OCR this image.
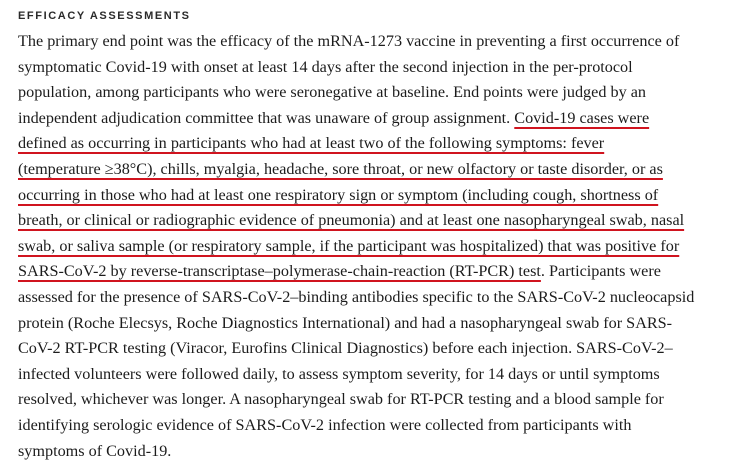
EFFICACY ASSESSMENTS

The primary end point was the efficacy of the mRNA-1273 vaccine in preventing a first occurrence of
symptomatic Covid-19 with onset at least 14 days after the second injection in the per-protocol
population, among participants who were seronegative at baseline. End points were judged by an
independent adjudication committee that was unaware of group assignment. Covid-19 cases were
defined as occurring in participants who had at least two of the following symptoms: fever
(temperature ≥38°C), chills, myalgia, headache, sore throat, or new olfactory or taste disorder, or as
occurring in those who had at least one respiratory sign or symptom (including cough, shortness of
breath, or clinical or radiographic evidence of pneumonia) and at least one nasopharyngeal swab, nasal
swab, or saliva sample (or respiratory sample, if the participant was hospitalized) that was positive for
SARS-CoV-2 by reverse-transcriptase–polymerase-chain-reaction (RT-PCR) test. Participants were
assessed for the presence of SARS-CoV-2–binding antibodies specific to the SARS-CoV-2 nucleocapsid
protein (Roche Elecsys, Roche Diagnostics International) and had a nasopharyngeal swab for SARS-
CoV-2 RT-PCR testing (Viracor, Eurofins Clinical Diagnostics) before each injection. SARS-CoV-2–
infected volunteers were followed daily, to assess symptom severity, for 14 days or until symptoms
resolved, whichever was longer. A nasopharyngeal swab for RT-PCR testing and a blood sample for
identifying serologic evidence of SARS-CoV-2 infection were collected from participants with
symptoms of Covid-19.
